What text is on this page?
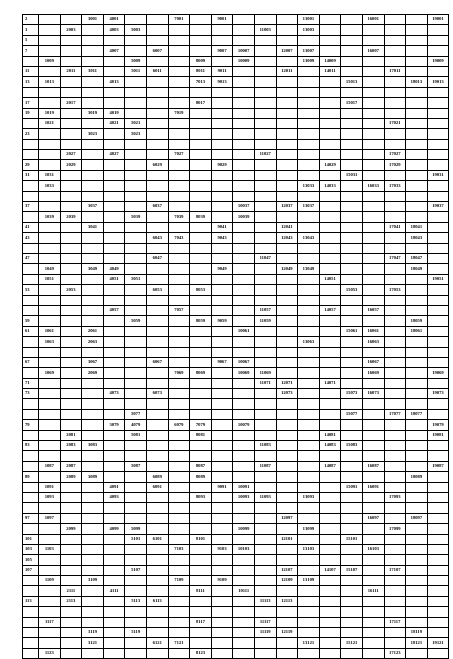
2			3001	4001			7001		9001				13001			16001			19001
3		2003		4003	5003						11003		13003						
5																			
7				4007		6007			9007	10007		12007	13007			16007			
	1009				5009			8009		10009			13009	14009					19009
11		2011	3011		5011	6011		8011	9011			12011		14011			17011		
13	1013			4013				7013	9013						15013			18013	19013

17		2017						8017							15017				
19	1019		3019	4019			7019												
	1021			4021	5021												17021		
23			3023		5023														

		2027		4027			7027				11027						17027		
29		2029				6029			9029					14029			17029		
31	1031														15031				19031
	1033												13033	14033		16033	17033		

37			3037			6037				10037		12037	13037						19037
	1039	2039			5039		7039	8039		10039									
41			3041						9041			12041					17041	18041	
43						6043	7043		9043			12043	13043					18043	

47						6047					11047						17047	18047	
	1049		3049	4049					9049			12049	13049					18049	
	1051			4051	5051									14051					19051
53		2053				6053		8053							15053		17053		

				4057			7057				11057			14057		16057			
59					5059			8059	9059		11059							18059	
61	1061		2061							10061					15061	16061		18061	
	1063		2063										13063			16063			

67			3067			6067			9067	10067						16067			
	1069		2069				7069	8069		10069	11069					16069			19069
71											11071	12071		14071					
73				4073		6073						12073			15073	16073			19073

					5077										15077		17077	18077	
79				3079	4079		6079	7079		10079									19079
		2081			5081			8081						14081					19081
83		2083	3083								11083			14083	15083				

	1087	2087			5087			8087			11087			14087		16087			19087
89		2089	3089			6089		8089										18089	
	1091			4091		6091			9091	10091					15091	16091			
	1093			4093				8093		10093	11093		13093				17093		

97	1097											12097				16097		18097	
		2099		4099	5099					10099			13099				17099		
101					5101	6101		8101				12101			15101				
103	1103						7103		9103	10103			13103			16103			
105																			
107					5107							12107		14107	15107		17107		
	1109		3109				7109		9109			12109	13109						
		2111		4111				8111		10111						16111			
113		2113			5113	6113					11113	12113							

	1117							8117			11117						17117		
			3119		5119						11119	12119						18119	
			3121			6121	7121						13121		15121			18121	19121
	1123							8123									17123		
